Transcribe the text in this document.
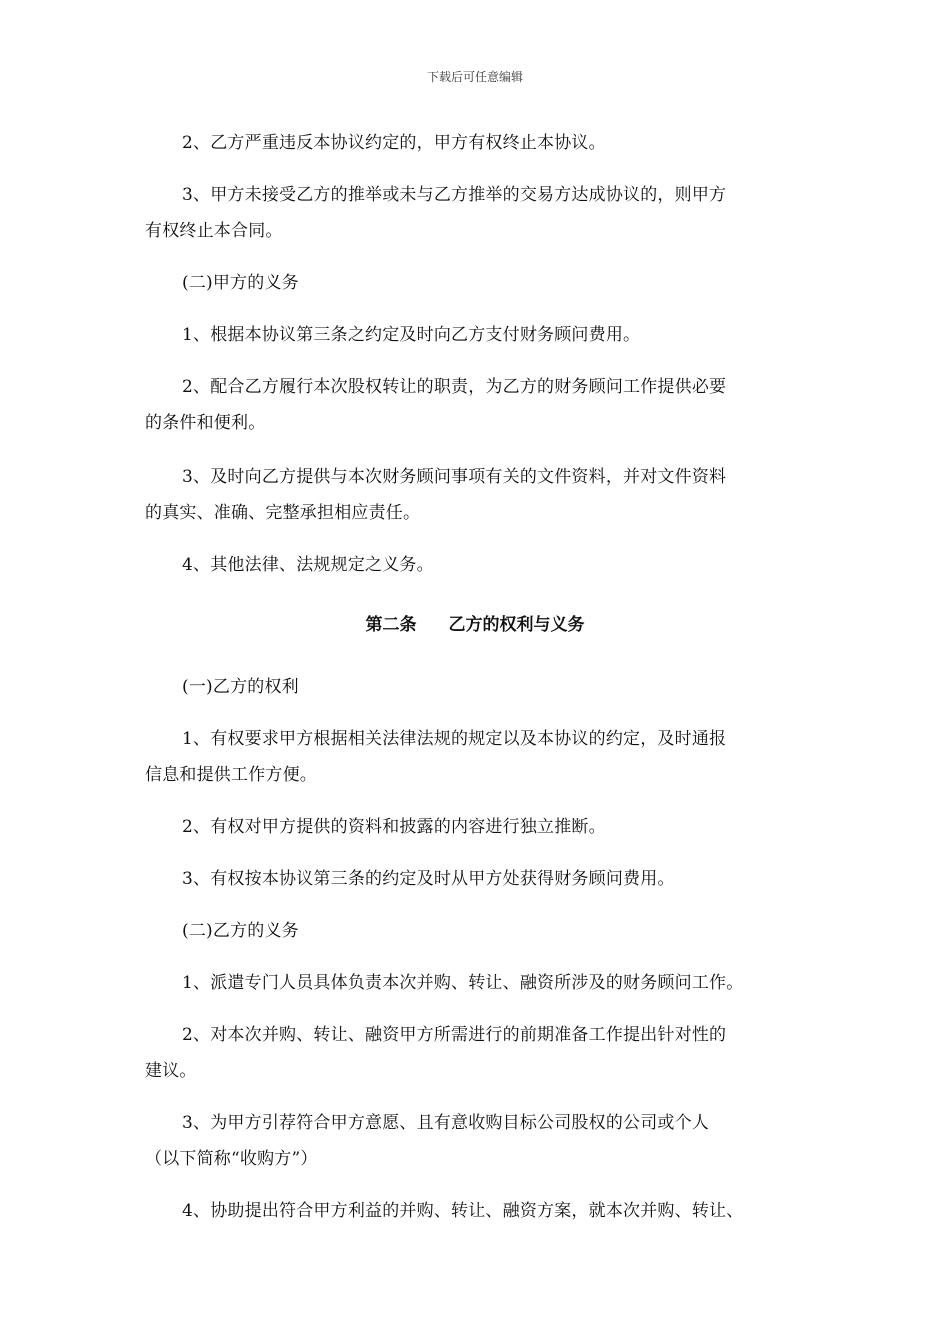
下载后可任意编辑
2、乙方严重违反本协议约定的，甲方有权终止本协议。
3、甲方未接受乙方的推举或未与乙方推举的交易方达成协议的，则甲方
有权终止本合同。
(二)甲方的义务
1、根据本协议第三条之约定及时向乙方支付财务顾问费用。
2、配合乙方履行本次股权转让的职责，为乙方的财务顾问工作提供必要
的条件和便利。
3、及时向乙方提供与本次财务顾问事项有关的文件资料，并对文件资料
的真实、准确、完整承担相应责任。
4、其他法律、法规规定之义务。
第二条 乙方的权利与义务
(一)乙方的权利
1、有权要求甲方根据相关法律法规的规定以及本协议的约定，及时通报
信息和提供工作方便。
2、有权对甲方提供的资料和披露的内容进行独立推断。
3、有权按本协议第三条的约定及时从甲方处获得财务顾问费用。
(二)乙方的义务
1、派遣专门人员具体负责本次并购、转让、融资所涉及的财务顾问工作。
2、对本次并购、转让、融资甲方所需进行的前期准备工作提出针对性的
建议。
3、为甲方引荐符合甲方意愿、且有意收购目标公司股权的公司或个人
（以下简称“收购方”）
4、协助提出符合甲方利益的并购、转让、融资方案，就本次并购、转让、
